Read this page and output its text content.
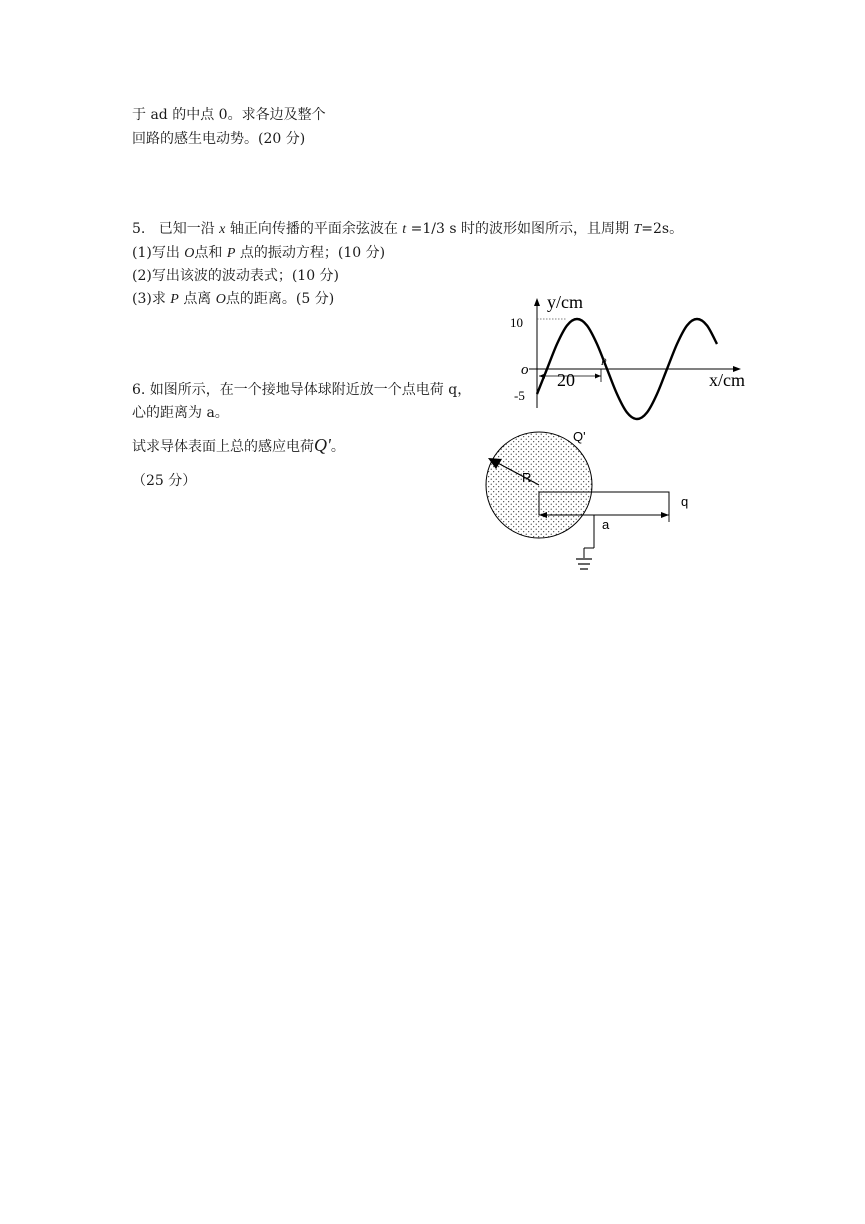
于 ad 的中点 0。求各边及整个
回路的感生电动势。(20 分)
5. 已知一沿 x 轴正向传播的平面余弦波在 t =1/3 s 时的波形如图所示，且周期 T=2s。
(1)写出 O点和 P 点的振动方程；(10 分)
(2)写出该波的波动表式；(10 分)
(3)求 P 点离 O点的距离。(5 分)
6. 如图所示，在一个接地导体球附近放一个点电荷 q，
心的距离为 a。
试求导体表面上总的感应电荷Q'。
（25 分）
y/cm
x/cm
10
-5
o	P
20
Q'
R
a
q
